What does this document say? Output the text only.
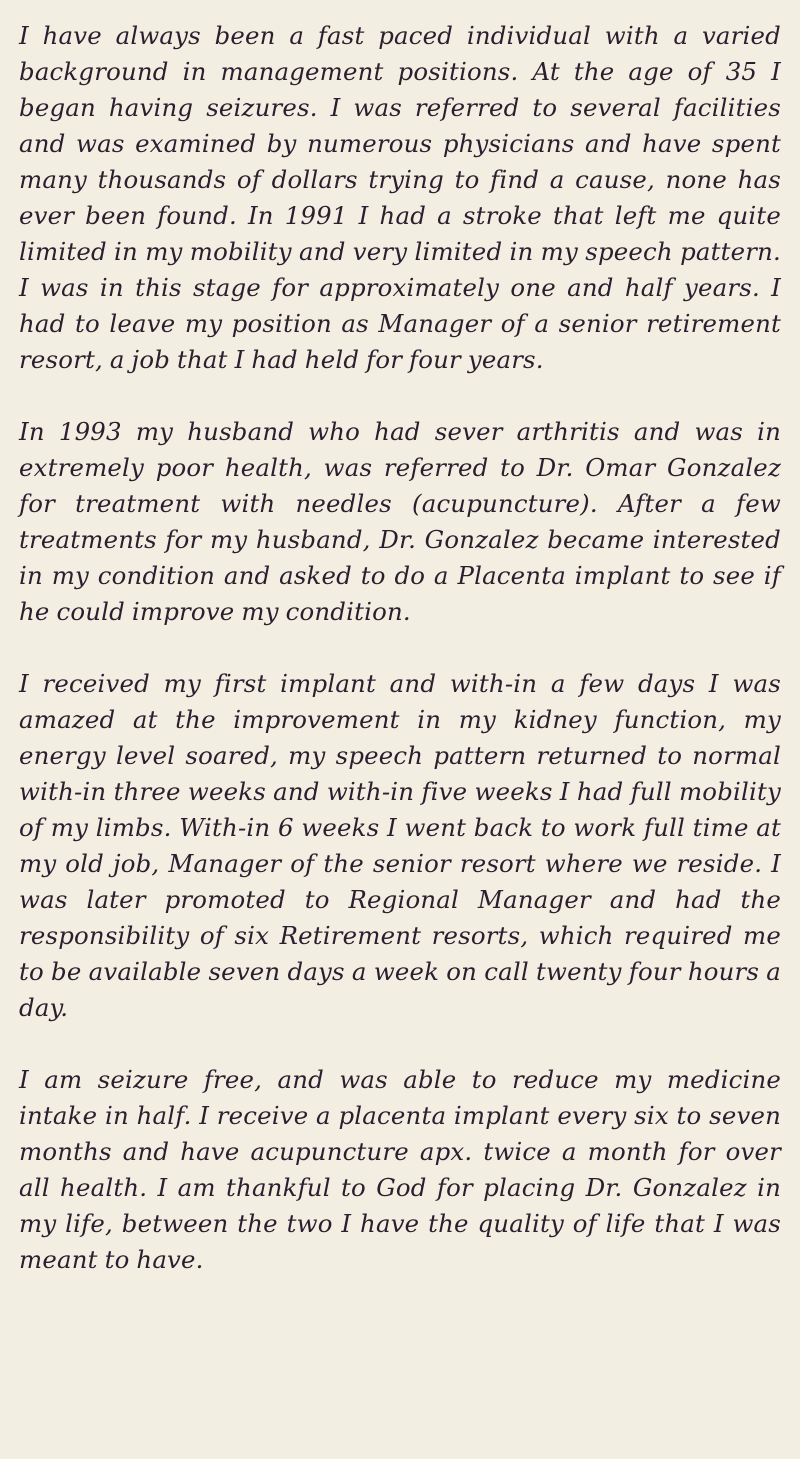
I have always been a fast paced individual with a varied background in management positions. At the age of 35 I began having seizures. I was referred to several facilities and was examined by numerous physicians and have spent many thousands of dollars trying to find a cause, none has ever been found. In 1991 I had a stroke that left me quite limited in my mobility and very limited in my speech pattern. I was in this stage for approximately one and half years. I had to leave my position as Manager of a senior retirement resort, a job that I had held for four years.

In 1993 my husband who had sever arthritis and was in extremely poor health, was referred to Dr. Omar Gonzalez for treatment with needles (acupuncture). After a few treatments for my husband, Dr. Gonzalez became interested in my condition and asked to do a Placenta implant to see if he could improve my condition.

I received my first implant and with-in a few days I was amazed at the improvement in my kidney function, my energy level soared, my speech pattern returned to normal with-in three weeks and with-in five weeks I had full mobility of my limbs. With-in 6 weeks I went back to work full time at my old job, Manager of the senior resort where we reside. I was later promoted to Regional Manager and had the responsibility of six Retirement resorts, which required me to be available seven days a week on call twenty four hours a day.

I am seizure free, and was able to reduce my medicine intake in half. I receive a placenta implant every six to seven months and have acupuncture apx. twice a month for over all health. I am thankful to God for placing Dr. Gonzalez in my life, between the two I have the quality of life that I was meant to have.
